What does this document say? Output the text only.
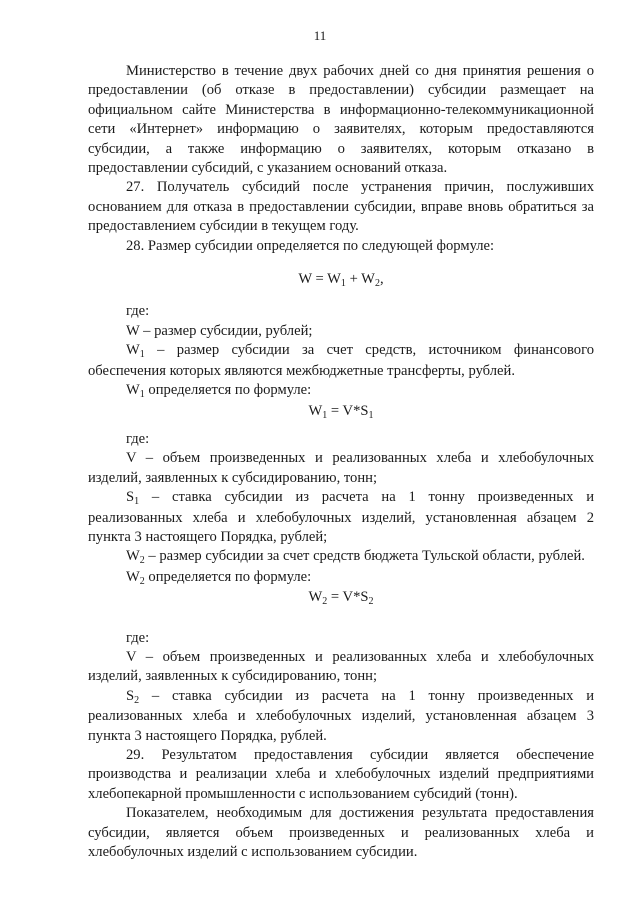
11

Министерство в течение двух рабочих дней со дня принятия решения о предоставлении (об отказе в предоставлении) субсидии размещает на официальном сайте Министерства в информационно-телекоммуникационной сети «Интернет» информацию о заявителях, которым предоставляются субсидии, а также информацию о заявителях, которым отказано в предоставлении субсидий, с указанием оснований отказа.

27. Получатель субсидий после устранения причин, послуживших основанием для отказа в предоставлении субсидии, вправе вновь обратиться за предоставлением субсидии в текущем году.

28. Размер субсидии определяется по следующей формуле:

$W = W_1 + W_2$,

где:

W – размер субсидии, рублей;

$W_1$ – размер субсидии за счет средств, источником финансового обеспечения которых являются межбюджетные трансферты, рублей.

$W_1$ определяется по формуле:

$W_1 = V*S_1$

где:

V – объем произведенных и реализованных хлеба и хлебобулочных изделий, заявленных к субсидированию, тонн;

$S_1$ – ставка субсидии из расчета на 1 тонну произведенных и реализованных хлеба и хлебобулочных изделий, установленная абзацем 2 пункта 3 настоящего Порядка, рублей;

$W_2$ – размер субсидии за счет средств бюджета Тульской области, рублей.

$W_2$ определяется по формуле:

$W_2 = V*S_2$

где:

V – объем произведенных и реализованных хлеба и хлебобулочных изделий, заявленных к субсидированию, тонн;

$S_2$ – ставка субсидии из расчета на 1 тонну произведенных и реализованных хлеба и хлебобулочных изделий, установленная абзацем 3 пункта 3 настоящего Порядка, рублей.

29. Результатом предоставления субсидии является обеспечение производства и реализации хлеба и хлебобулочных изделий предприятиями хлебопекарной промышленности с использованием субсидий (тонн).

Показателем, необходимым для достижения результата предоставления субсидии, является объем произведенных и реализованных хлеба и хлебобулочных изделий с использованием субсидии.
